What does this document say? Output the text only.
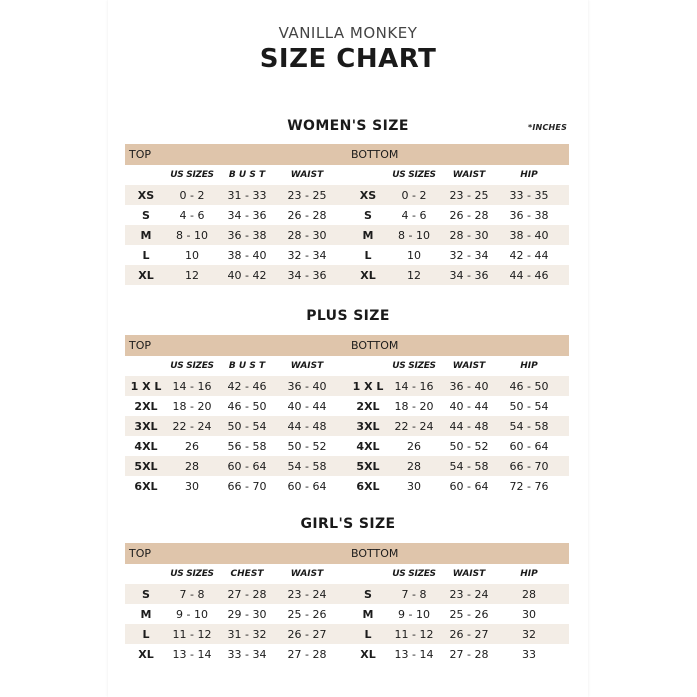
VANILLA MONKEY
SIZE CHART
*INCHES
WOMEN'S SIZE
TOP
US SIZES	B U S T	WAIST
XS	0 - 2	31 - 33	23 - 25
S	4 - 6	34 - 36	26 - 28
M	8 - 10	36 - 38	28 - 30
L	10	38 - 40	32 - 34
XL	12	40 - 42	34 - 36
BOTTOM
US SIZES	WAIST	HIP
XS	0 - 2	23 - 25	33 - 35
S	4 - 6	26 - 28	36 - 38
M	8 - 10	28 - 30	38 - 40
L	10	32 - 34	42 - 44
XL	12	34 - 36	44 - 46
PLUS SIZE
TOP
US SIZES	B U S T	WAIST
1 X L	14 - 16	42 - 46	36 - 40
2XL	18 - 20	46 - 50	40 - 44
3XL	22 - 24	50 - 54	44 - 48
4XL	26	56 - 58	50 - 52
5XL	28	60 - 64	54 - 58
6XL	30	66 - 70	60 - 64
BOTTOM
US SIZES	WAIST	HIP
1 X L	14 - 16	36 - 40	46 - 50
2XL	18 - 20	40 - 44	50 - 54
3XL	22 - 24	44 - 48	54 - 58
4XL	26	50 - 52	60 - 64
5XL	28	54 - 58	66 - 70
6XL	30	60 - 64	72 - 76
GIRL'S SIZE
TOP
US SIZES	CHEST	WAIST
S	7 - 8	27 - 28	23 - 24
M	9 - 10	29 - 30	25 - 26
L	11 - 12	31 - 32	26 - 27
XL	13 - 14	33 - 34	27 - 28
BOTTOM
US SIZES	WAIST	HIP
S	7 - 8	23 - 24	28
M	9 - 10	25 - 26	30
L	11 - 12	26 - 27	32
XL	13 - 14	27 - 28	33
